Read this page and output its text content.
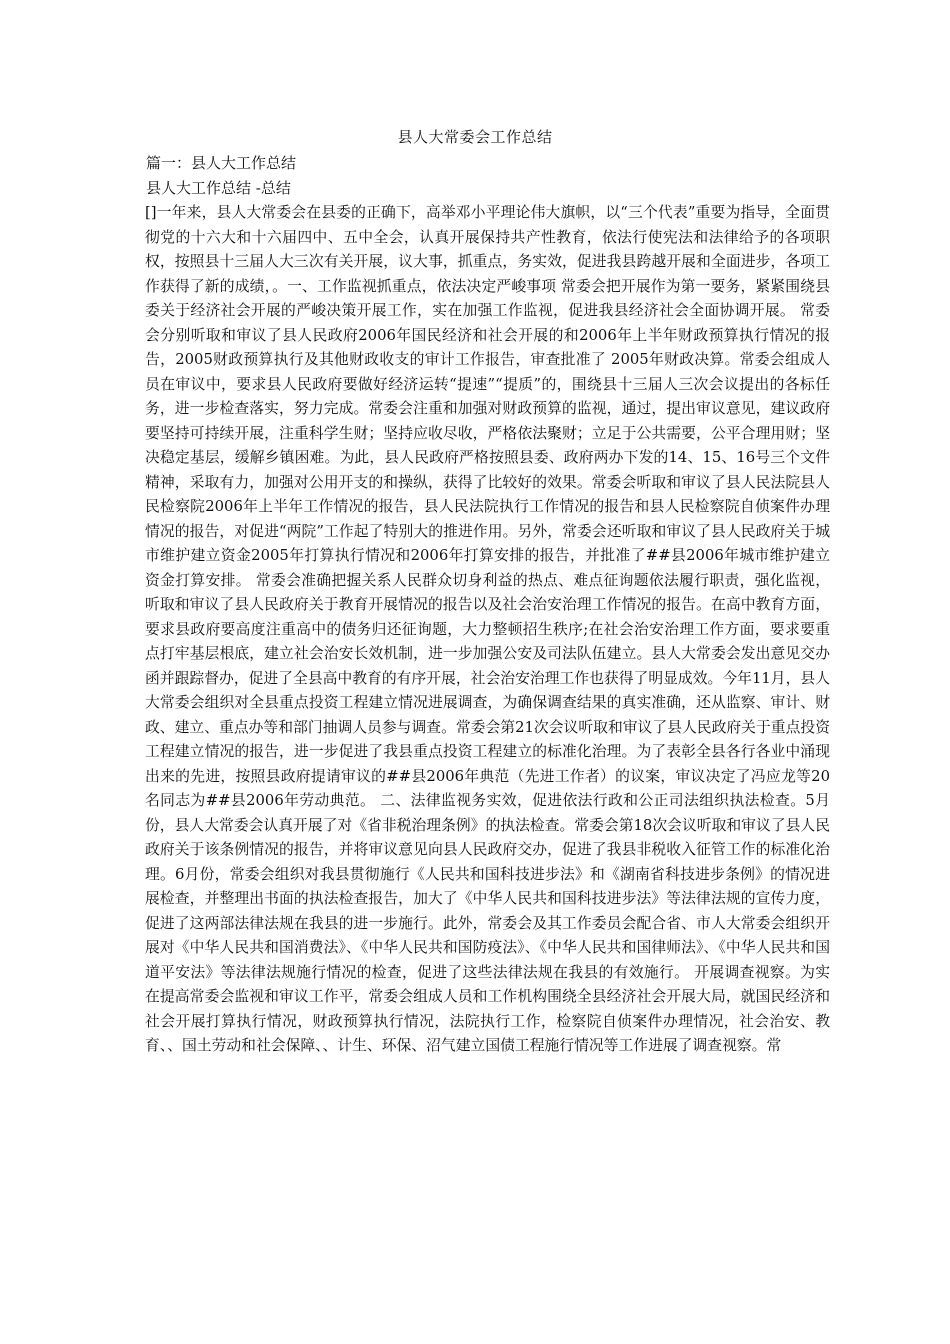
县人大常委会工作总结
篇一：县人大工作总结
县人大工作总结 -总结
[]一年来，县人大常委会在县委的正确下，高举邓小平理论伟大旗帜，以“三个代表”重要为指导，全面贯彻党的十六大和十六届四中、五中全会，认真开展保持共产性教育，依法行使宪法和法律给予的各项职权，按照县十三届人大三次有关开展，议大事，抓重点，务实效，促进我县跨越开展和全面进步，各项工作获得了新的成绩，。一、工作监视抓重点，依法决定严峻事项 常委会把开展作为第一要务，紧紧围绕县委关于经济社会开展的严峻决策开展工作，实在加强工作监视，促进我县经济社会全面协调开展。 常委会分别听取和审议了县人民政府2006年国民经济和社会开展的和2006年上半年财政预算执行情况的报告，2005财政预算执行及其他财政收支的审计工作报告，审查批准了 2005年财政决算。常委会组成人员在审议中，要求县人民政府要做好经济运转“提速”“提质”的，围绕县十三届人三次会议提出的各标任务，进一步检查落实，努力完成。常委会注重和加强对财政预算的监视，通过，提出审议意见，建议政府要坚持可持续开展，注重科学生财；坚持应收尽收，严格依法聚财；立足于公共需要，公平合理用财；坚决稳定基层，缓解乡镇困难。为此，县人民政府严格按照县委、政府两办下发的14、15、16号三个文件精神，采取有力，加强对公用开支的和操纵，获得了比较好的效果。常委会听取和审议了县人民法院县人民检察院2006年上半年工作情况的报告，县人民法院执行工作情况的报告和县人民检察院自侦案件办理情况的报告，对促进“两院”工作起了特别大的推进作用。另外，常委会还听取和审议了县人民政府关于城市维护建立资金2005年打算执行情况和2006年打算安排的报告，并批准了##县2006年城市维护建立资金打算安排。 常委会准确把握关系人民群众切身利益的热点、难点征询题依法履行职责，强化监视，听取和审议了县人民政府关于教育开展情况的报告以及社会治安治理工作情况的报告。在高中教育方面，要求县政府要高度注重高中的债务归还征询题，大力整顿招生秩序;在社会治安治理工作方面，要求要重点打牢基层根底，建立社会治安长效机制，进一步加强公安及司法队伍建立。县人大常委会发出意见交办函并跟踪督办，促进了全县高中教育的有序开展，社会治安治理工作也获得了明显成效。今年11月，县人大常委会组织对全县重点投资工程建立情况进展调查，为确保调查结果的真实准确，还从监察、审计、财政、建立、重点办等和部门抽调人员参与调查。常委会第21次会议听取和审议了县人民政府关于重点投资工程建立情况的报告，进一步促进了我县重点投资工程建立的标准化治理。为了表彰全县各行各业中涌现出来的先进，按照县政府提请审议的##县2006年典范（先进工作者）的议案，审议决定了冯应龙等20名同志为##县2006年劳动典范。 二、法律监视务实效，促进依法行政和公正司法组织执法检查。5月份，县人大常委会认真开展了对《省非税治理条例》的执法检查。常委会第18次会议听取和审议了县人民政府关于该条例情况的报告，并将审议意见向县人民政府交办，促进了我县非税收入征管工作的标准化治理。6月份，常委会组织对我县贯彻施行《人民共和国科技进步法》和《湖南省科技进步条例》的情况进展检查，并整理出书面的执法检查报告，加大了《中华人民共和国科技进步法》等法律法规的宣传力度，促进了这两部法律法规在我县的进一步施行。此外，常委会及其工作委员会配合省、市人大常委会组织开展对《中华人民共和国消费法》、《中华人民共和国防疫法》、《中华人民共和国律师法》、《中华人民共和国道平安法》等法律法规施行情况的检查，促进了这些法律法规在我县的有效施行。 开展调查视察。为实在提高常委会监视和审议工作平，常委会组成人员和工作机构围绕全县经济社会开展大局，就国民经济和社会开展打算执行情况，财政预算执行情况，法院执行工作，检察院自侦案件办理情况，社会治安、教育、、国土劳动和社会保障、、计生、环保、沼气建立国债工程施行情况等工作进展了调查视察。常
